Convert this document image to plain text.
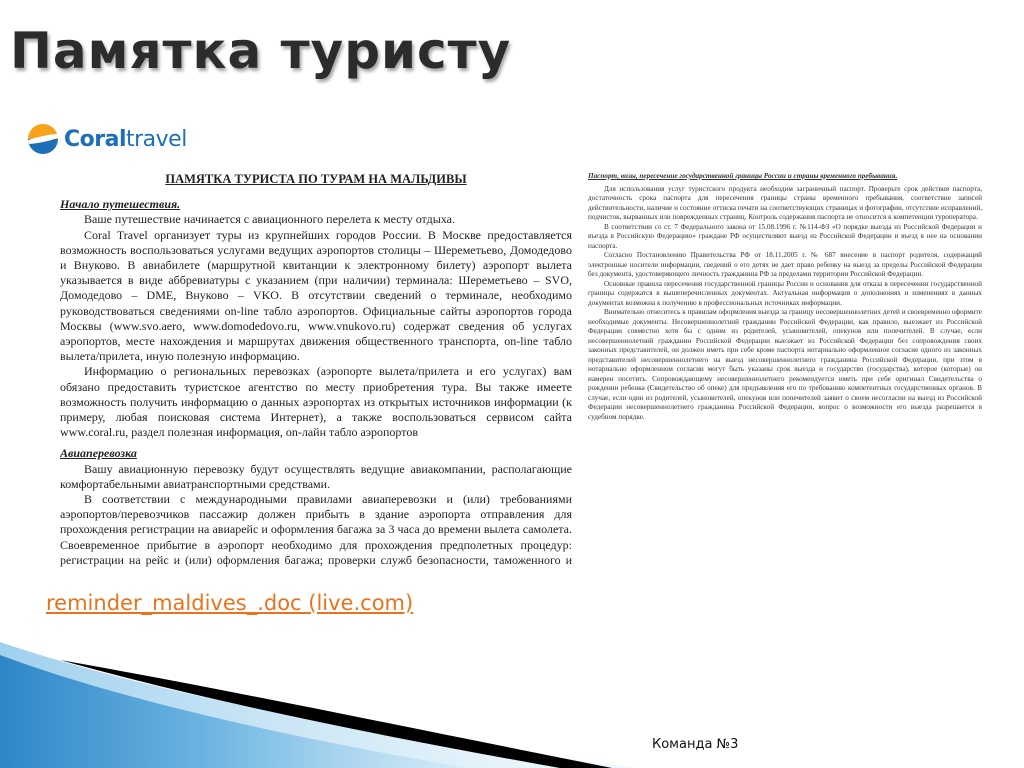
Памятка туристу
Coraltravel

ПАМЯТКА ТУРИСТА ПО ТУРАМ НА МАЛЬДИВЫ

Начало путешествия.

Ваше путешествие начинается с авиационного перелета к месту отдыха.

Coral Travel организует туры из крупнейших городов России. В Москве предоставляется возможность воспользоваться услугами ведущих аэропортов столицы – Шереметьево, Домодедово и Внуково. В авиабилете (маршрутной квитанции к электронному билету) аэропорт вылета указывается в виде аббревиатуры с указанием (при наличии) терминала: Шереметьево – SVO, Домодедово – DME, Внуково – VKO. В отсутствии сведений о терминале, необходимо руководствоваться сведениями on-line табло аэропортов. Официальные сайты аэропортов города Москвы (www.svo.aero, www.domodedovo.ru, www.vnukovo.ru) содержат сведения об услугах аэропортов, месте нахождения и маршрутах движения общественного транспорта, on-line табло вылета/прилета, иную полезную информацию.

Информацию о региональных перевозках (аэропорте вылета/прилета и его услугах) вам обязано предоставить туристское агентство по месту приобретения тура. Вы также имеете возможность получить информацию о данных аэропортах из открытых источников информации (к примеру, любая поисковая система Интернет), а также воспользоваться сервисом сайта www.coral.ru, раздел полезная информация, on-лайн табло аэропортов

Авиаперевозка

Вашу авиационную перевозку будут осуществлять ведущие авиакомпании, располагающие комфортабельными авиатранспортными средствами.

В соответствии с международными правилами авиаперевозки и (или) требованиями аэропортов/перевозчиков пассажир должен прибыть в здание аэропорта отправления для прохождения регистрации на авиарейс и оформления багажа за 3 часа до времени вылета самолета. Своевременное прибытие в аэропорт необходимо для прохождения предполетных процедур: регистрации на рейс и (или) оформления багажа; проверки служб безопасности, таможенного и

Паспорт, визы, пересечение государственной границы России и страны временного пребывания.

Для использования услуг туристского продукта необходим заграничный паспорт. Проверьте срок действия паспорта, достаточность срока паспорта для пересечения границы страны временного пребывания, соответствие записей действительности, наличие и состояние оттиска печати на соответствующих страницах и фотографии, отсутствие исправлений, подчисток, вырванных или поврежденных страниц. Контроль содержания паспорта не относится к компетенции туроператора.

В соответствии со ст. 7 Федерального закона от 15.08.1996 г. №114-ФЗ «О порядке выезда из Российской Федерации и въезда в Российскую Федерацию» граждане РФ осуществляют выезд из Российской Федерации и въезд в нее на основании паспорта.

Согласно Постановлению Правительства РФ от 18.11.2005 г. № 687 внесение в паспорт родителя, содержащий электронные носители информации, сведений о его детях не дает право ребенку на выезд за пределы Российской Федерации без документа, удостоверяющего личность гражданина РФ за пределами территории Российской Федерации.

Основные правила пересечения государственной границы России и основания для отказа в пересечении государственной границы содержатся в вышеперечисленных документах. Актуальная информация о дополнениях и изменениях в данных документах возможна к получению в профессиональных источниках информации.

Внимательно отнеситесь к правилам оформления выезда за границу несовершеннолетних детей и своевременно оформите необходимые документы. Несовершеннолетний гражданин Российской Федерации, как правило, выезжает из Российской Федерации совместно хотя бы с одним из родителей, усыновителей, опекунов или попечителей. В случае, если несовершеннолетний гражданин Российской Федерации выезжает из Российской Федерации без сопровождения своих законных представителей, он должен иметь при себе кроме паспорта нотариально оформленное согласие одного из законных представителей несовершеннолетнего на выезд несовершеннолетнего гражданина Российской Федерации, при этом в нотариально оформленном согласии могут быть указаны срок выезда и государство (государства), которое (которые) он намерен посетить. Сопровождающему несовершеннолетнего рекомендуется иметь при себе оригинал Свидетельства о рождении ребенка (Свидетельство об опеке) для предъявления его по требованию компетентных государственных органов. В случае, если один из родителей, усыновителей, опекунов или попечителей заявит о своем несогласии на выезд из Российской Федерации несовершеннолетнего гражданина Российской Федерации, вопрос о возможности его выезда разрешается в судебном порядке.

reminder_maldives_.doc (live.com)
Команда №3
